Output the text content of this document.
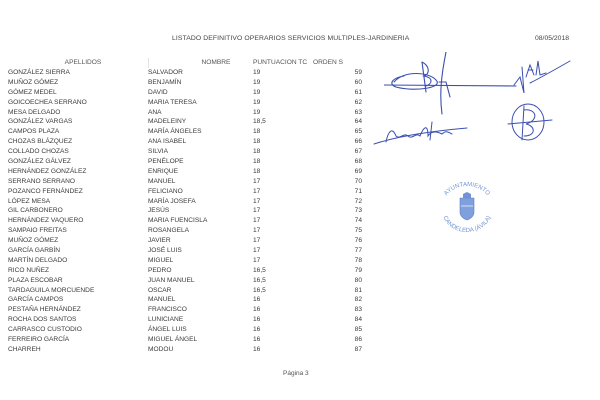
LISTADO DEFINITIVO OPERARIOS SERVICIOS MULTIPLES-JARDINERIA	08/05/2018
APELLIDOS	NOMBRE	PUNTUACION TC ORDEN S
GONZÁLEZ SIERRA	SALVADOR	19	59
MUÑOZ GÓMEZ	BENJAMÍN	19	60
GÓMEZ MEDEL	DAVID	19	61
GOICOECHEA SERRANO	MARIA TERESA	19	62
MESA DELGADO	ANA	19	63
GONZÁLEZ VARGAS	MADELEINY	18,5	64
CAMPOS PLAZA	MARÍA ÁNGELES	18	65
CHOZAS BLÁZQUEZ	ANA ISABEL	18	66
COLLADO CHOZAS	SILVIA	18	67
GONZÁLEZ GÁLVEZ	PENÉLOPE	18	68
HERNÁNDEZ GONZÁLEZ	ENRIQUE	18	69
SERRANO SERRANO	MANUEL	17	70
POZANCO FERNÁNDEZ	FELICIANO	17	71
LÓPEZ MESA	MARÍA JOSEFA	17	72
GIL CARBONERO	JESÚS	17	73
HERNÁNDEZ VAQUERO	MARIA FUENCISLA	17	74
SAMPAIO FREITAS	ROSANGELA	17	75
MUÑOZ GÓMEZ	JAVIER	17	76
GARCÍA GARBÍN	JOSÉ LUIS	17	77
MARTÍN DELGADO	MIGUEL	17	78
RICO NUÑEZ	PEDRO	16,5	79
PLAZA ESCOBAR	JUAN MANUEL	16,5	80
TARDAGUILA MORCUENDE	OSCAR	16,5	81
GARCÍA CAMPOS	MANUEL	16	82
PESTAÑA HERNÁNDEZ	FRANCISCO	16	83
ROCHA DOS SANTOS	LUNICIANE	16	84
CARRASCO CUSTODIO	ÁNGEL LUIS	16	85
FERREIRO GARCÍA	MIGUEL ÁNGEL	16	86
CHARREH	MODOU	16	87
AYUNTAMIENTO
CANDELEDA (ÁVILA)
Página 3
